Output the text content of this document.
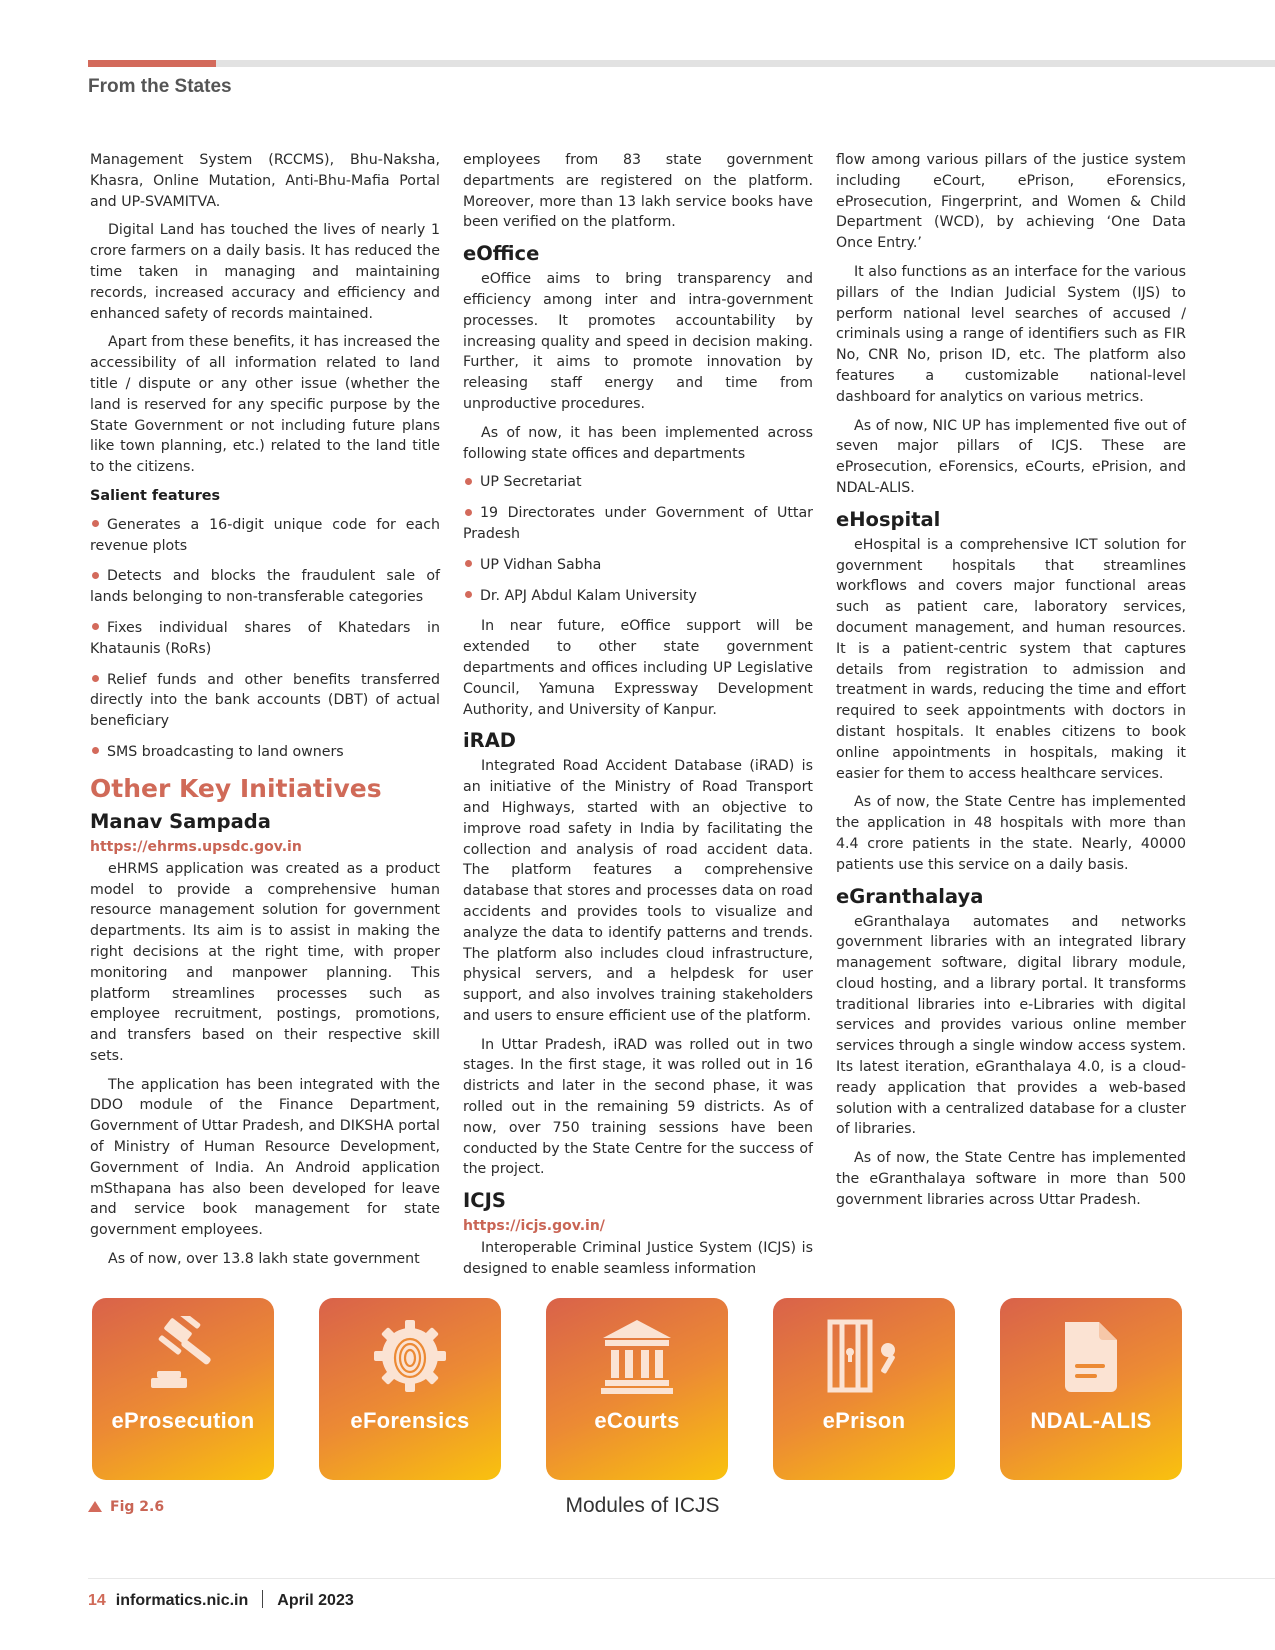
From the States

Management System (RCCMS), Bhu-Naksha, Khasra, Online Mutation, Anti-Bhu-Mafia Portal and UP-SVAMITVA.

Digital Land has touched the lives of nearly 1 crore farmers on a daily basis. It has reduced the time taken in managing and maintaining records, increased accuracy and efficiency and enhanced safety of records maintained.

Apart from these benefits, it has increased the accessibility of all information related to land title / dispute or any other issue (whether the land is reserved for any specific purpose by the State Government or not including future plans like town planning, etc.) related to the land title to the citizens.

Salient features
Generates a 16-digit unique code for each revenue plots
Detects and blocks the fraudulent sale of lands belonging to non-transferable categories
Fixes individual shares of Khatedars in Khataunis (RoRs)
Relief funds and other benefits transferred directly into the bank accounts (DBT) of actual beneficiary
SMS broadcasting to land owners
Other Key Initiatives
Manav Sampada
https://ehrms.upsdc.gov.in

eHRMS application was created as a product model to provide a comprehensive human resource management solution for government departments. Its aim is to assist in making the right decisions at the right time, with proper monitoring and manpower planning. This platform streamlines processes such as employee recruitment, postings, promotions, and transfers based on their respective skill sets.

The application has been integrated with the DDO module of the Finance Department, Government of Uttar Pradesh, and DIKSHA portal of Ministry of Human Resource Development, Government of India. An Android application mSthapana has also been developed for leave and service book management for state government employees.

As of now, over 13.8 lakh state government

employees from 83 state government departments are registered on the platform. Moreover, more than 13 lakh service books have been verified on the platform.

eOffice

eOffice aims to bring transparency and efficiency among inter and intra-government processes. It promotes accountability by increasing quality and speed in decision making. Further, it aims to promote innovation by releasing staff energy and time from unproductive procedures.

As of now, it has been implemented across following state offices and departments

UP Secretariat
19 Directorates under Government of Uttar Pradesh
UP Vidhan Sabha
Dr. APJ Abdul Kalam University

In near future, eOffice support will be extended to other state government departments and offices including UP Legislative Council, Yamuna Expressway Development Authority, and University of Kanpur.

iRAD

Integrated Road Accident Database (iRAD) is an initiative of the Ministry of Road Transport and Highways, started with an objective to improve road safety in India by facilitating the collection and analysis of road accident data. The platform features a comprehensive database that stores and processes data on road accidents and provides tools to visualize and analyze the data to identify patterns and trends. The platform also includes cloud infrastructure, physical servers, and a helpdesk for user support, and also involves training stakeholders and users to ensure efficient use of the platform.

In Uttar Pradesh, iRAD was rolled out in two stages. In the first stage, it was rolled out in 16 districts and later in the second phase, it was rolled out in the remaining 59 districts. As of now, over 750 training sessions have been conducted by the State Centre for the success of the project.

ICJS
https://icjs.gov.in/

Interoperable Criminal Justice System (ICJS) is designed to enable seamless information

flow among various pillars of the justice system including eCourt, ePrison, eForensics, eProsecution, Fingerprint, and Women & Child Department (WCD), by achieving ‘One Data Once Entry.’

It also functions as an interface for the various pillars of the Indian Judicial System (IJS) to perform national level searches of accused / criminals using a range of identifiers such as FIR No, CNR No, prison ID, etc. The platform also features a customizable national-level dashboard for analytics on various metrics.

As of now, NIC UP has implemented five out of seven major pillars of ICJS. These are eProsecution, eForensics, eCourts, ePrision, and NDAL-ALIS.

eHospital

eHospital is a comprehensive ICT solution for government hospitals that streamlines workflows and covers major functional areas such as patient care, laboratory services, document management, and human resources. It is a patient-centric system that captures details from registration to admission and treatment in wards, reducing the time and effort required to seek appointments with doctors in distant hospitals. It enables citizens to book online appointments in hospitals, making it easier for them to access healthcare services.

As of now, the State Centre has implemented the application in 48 hospitals with more than 4.4 crore patients in the state. Nearly, 40000 patients use this service on a daily basis.

eGranthalaya

eGranthalaya automates and networks government libraries with an integrated library management software, digital library module, cloud hosting, and a library portal. It transforms traditional libraries into e-Libraries with digital services and provides various online member services through a single window access system. Its latest iteration, eGranthalaya 4.0, is a cloud-ready application that provides a web-based solution with a centralized database for a cluster of libraries.

As of now, the State Centre has implemented the eGranthalaya software in more than 500 government libraries across Uttar Pradesh.

eProsecution	eForensics	eCourts	ePrison	NDAL-ALIS
Fig 2.6	Modules of ICJS
14 informatics.nic.in April 2023
